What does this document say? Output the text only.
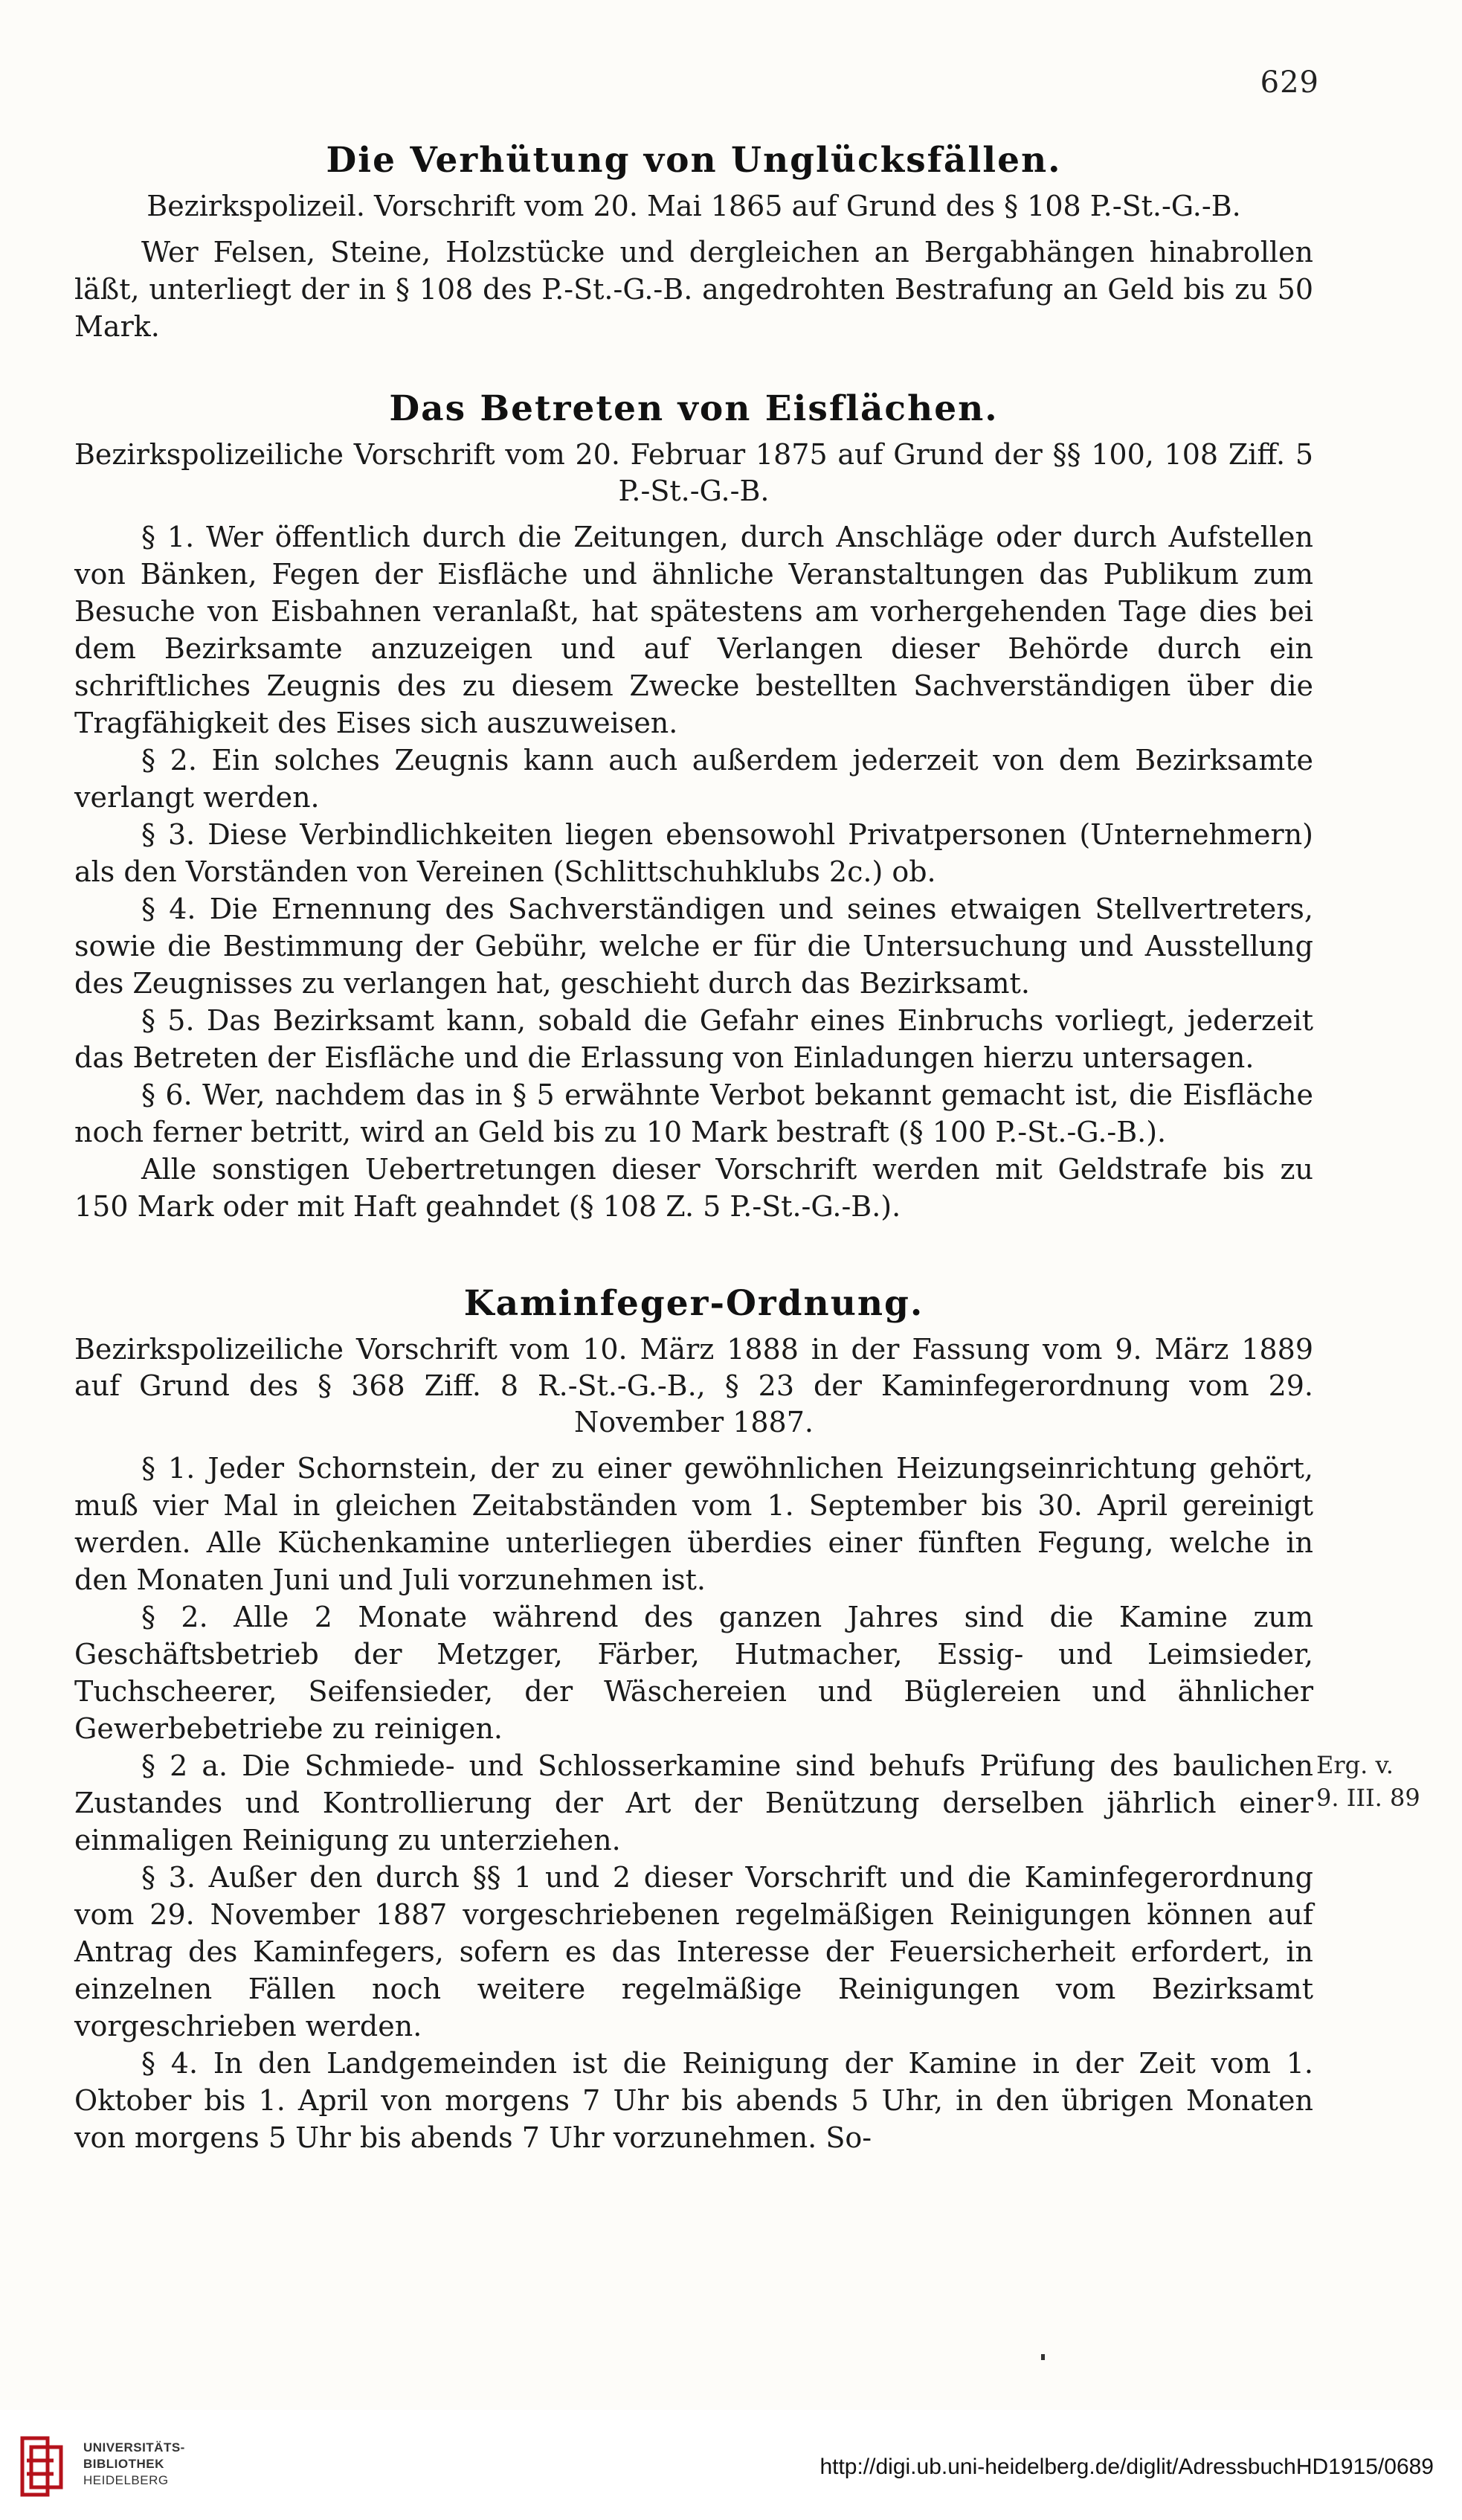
629
Die Verhütung von Unglücksfällen.

Bezirkspolizeil. Vorschrift vom 20. Mai 1865 auf Grund des § 108 P.-St.-G.-B.

Wer Felsen, Steine, Holzstücke und dergleichen an Bergabhängen hinabrollen läßt, unterliegt der in § 108 des P.-St.-G.-B. angedrohten Bestrafung an Geld bis zu 50 Mark.

Das Betreten von Eisflächen.

Bezirkspolizeiliche Vorschrift vom 20. Februar 1875 auf Grund der §§ 100, 108 Ziff. 5 P.-St.-G.-B.

§ 1. Wer öffentlich durch die Zeitungen, durch Anschläge oder durch Aufstellen von Bänken, Fegen der Eisfläche und ähnliche Veranstaltungen das Publikum zum Besuche von Eisbahnen veranlaßt, hat spätestens am vorhergehenden Tage dies bei dem Bezirksamte anzuzeigen und auf Verlangen dieser Behörde durch ein schriftliches Zeugnis des zu diesem Zwecke bestellten Sachverständigen über die Tragfähigkeit des Eises sich auszuweisen.

§ 2. Ein solches Zeugnis kann auch außerdem jederzeit von dem Bezirksamte verlangt werden.

§ 3. Diese Verbindlichkeiten liegen ebensowohl Privatpersonen (Unternehmern) als den Vorständen von Vereinen (Schlittschuhklubs 2c.) ob.

§ 4. Die Ernennung des Sachverständigen und seines etwaigen Stellvertreters, sowie die Bestimmung der Gebühr, welche er für die Untersuchung und Ausstellung des Zeugnisses zu verlangen hat, geschieht durch das Bezirksamt.

§ 5. Das Bezirksamt kann, sobald die Gefahr eines Einbruchs vorliegt, jederzeit das Betreten der Eisfläche und die Erlassung von Einladungen hierzu untersagen.

§ 6. Wer, nachdem das in § 5 erwähnte Verbot bekannt gemacht ist, die Eisfläche noch ferner betritt, wird an Geld bis zu 10 Mark bestraft (§ 100 P.-St.-G.-B.).

Alle sonstigen Uebertretungen dieser Vorschrift werden mit Geldstrafe bis zu 150 Mark oder mit Haft geahndet (§ 108 Z. 5 P.-St.-G.-B.).

Kaminfeger-Ordnung.

Bezirkspolizeiliche Vorschrift vom 10. März 1888 in der Fassung vom 9. März 1889 auf Grund des § 368 Ziff. 8 R.-St.-G.-B., § 23 der Kaminfegerordnung vom 29. November 1887.

§ 1. Jeder Schornstein, der zu einer gewöhnlichen Heizungseinrichtung gehört, muß vier Mal in gleichen Zeitabständen vom 1. September bis 30. April gereinigt werden. Alle Küchenkamine unterliegen überdies einer fünften Fegung, welche in den Monaten Juni und Juli vorzunehmen ist.

§ 2. Alle 2 Monate während des ganzen Jahres sind die Kamine zum Geschäftsbetrieb der Metzger, Färber, Hutmacher, Essig- und Leimsieder, Tuchscheerer, Seifensieder, der Wäschereien und Büglereien und ähnlicher Gewerbebetriebe zu reinigen.

§ 2 a. Die Schmiede- und Schlosserkamine sind behufs Prüfung des baulichen Zustandes und Kontrollierung der Art der Benützung derselben jährlich einer einmaligen Reinigung zu unterziehen.

§ 3. Außer den durch §§ 1 und 2 dieser Vorschrift und die Kaminfegerordnung vom 29. November 1887 vorgeschriebenen regelmäßigen Reinigungen können auf Antrag des Kaminfegers, sofern es das Interesse der Feuersicherheit erfordert, in einzelnen Fällen noch weitere regelmäßige Reinigungen vom Bezirksamt vorgeschrieben werden.

§ 4. In den Landgemeinden ist die Reinigung der Kamine in der Zeit vom 1. Oktober bis 1. April von morgens 7 Uhr bis abends 5 Uhr, in den übrigen Monaten von morgens 5 Uhr bis abends 7 Uhr vorzunehmen. So-

Erg. v.
9. III. 89
UNIVERSITÄTS-
BIBLIOTHEK
HEIDELBERG
http://digi.ub.uni-heidelberg.de/diglit/AdressbuchHD1915/0689
